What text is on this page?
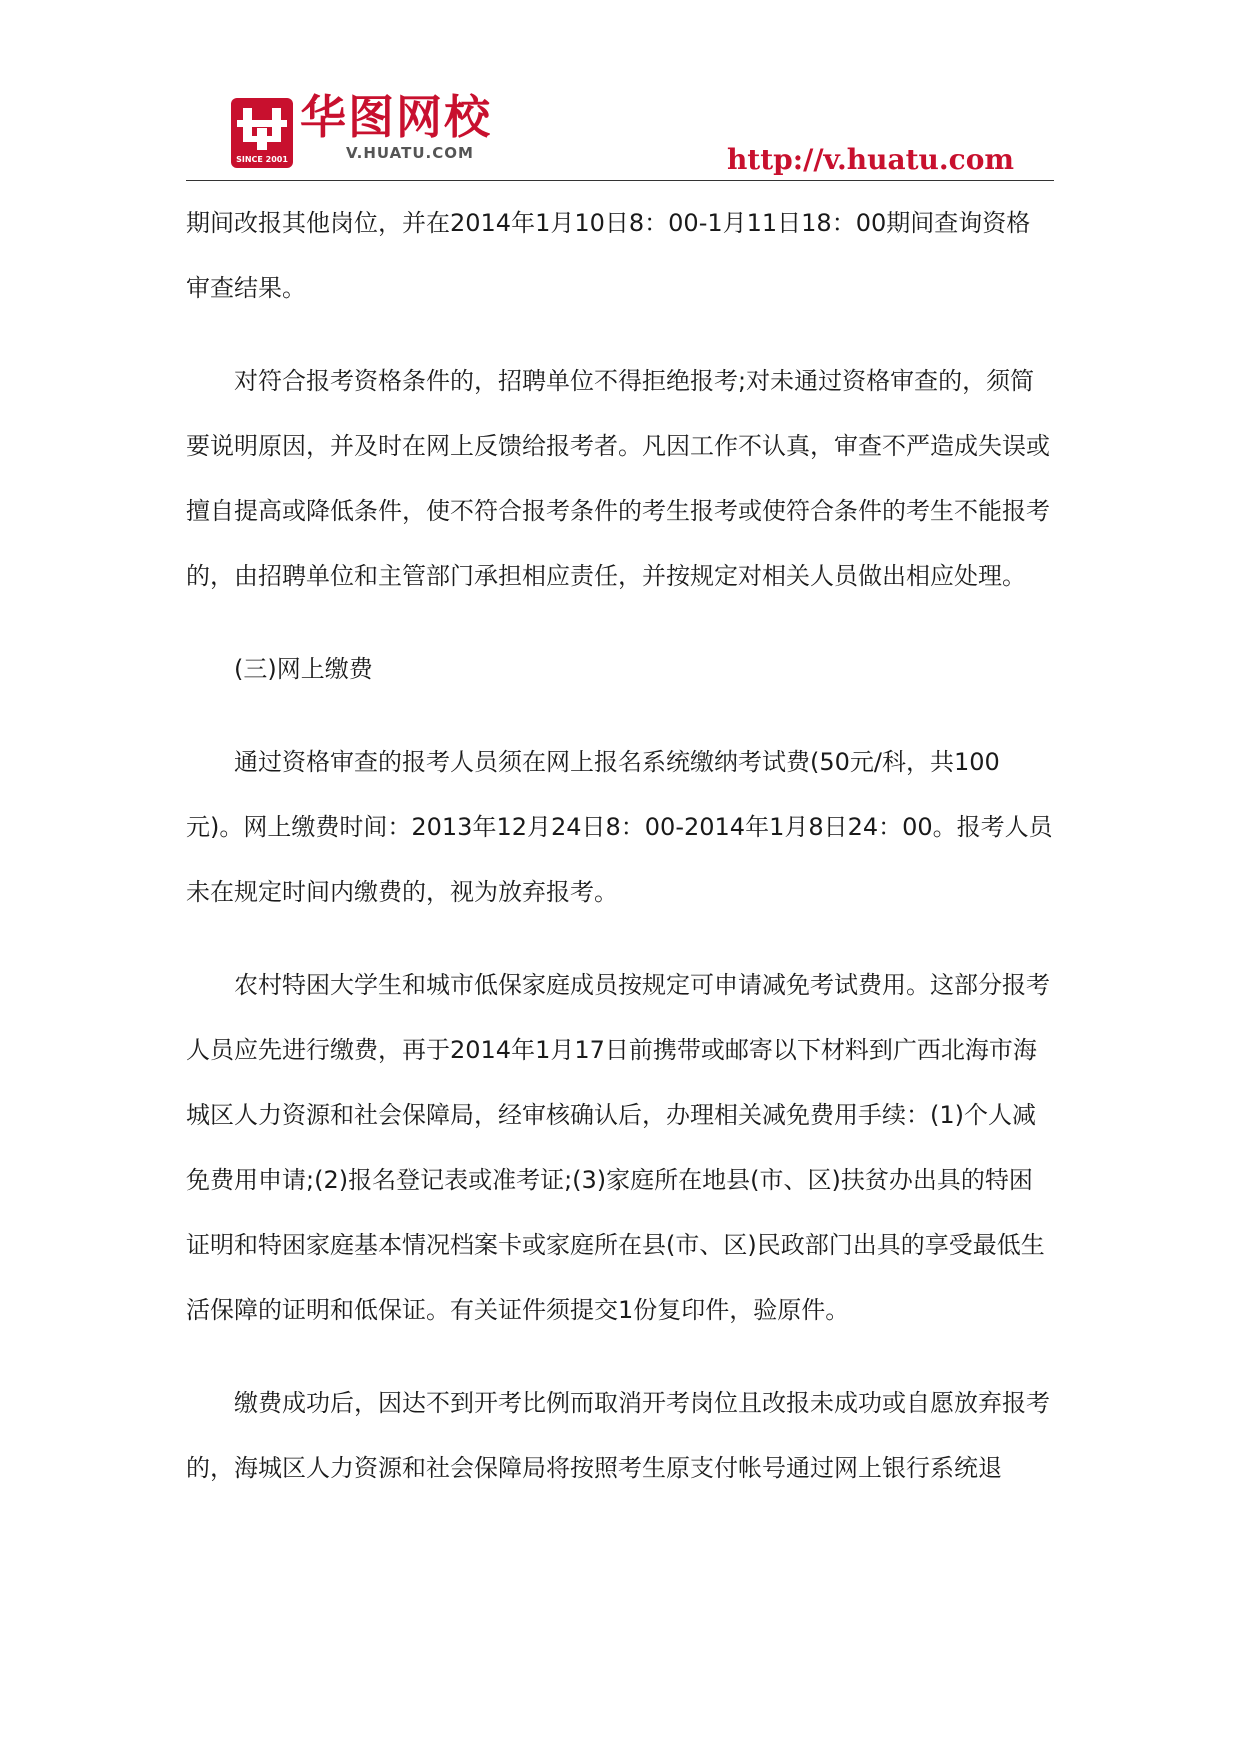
SINCE 2001
华图网校
V.HUATU.COM	http://v.huatu.com

期间改报其他岗位，并在2014年1月10日8：00-1月11日18：00期间查询资格审查结果。

对符合报考资格条件的，招聘单位不得拒绝报考;对未通过资格审查的，须简要说明原因，并及时在网上反馈给报考者。凡因工作不认真，审查不严造成失误或擅自提高或降低条件，使不符合报考条件的考生报考或使符合条件的考生不能报考的，由招聘单位和主管部门承担相应责任，并按规定对相关人员做出相应处理。

(三)网上缴费

通过资格审查的报考人员须在网上报名系统缴纳考试费(50元/科，共100元)。网上缴费时间：2013年12月24日8：00-2014年1月8日24：00。报考人员未在规定时间内缴费的，视为放弃报考。

农村特困大学生和城市低保家庭成员按规定可申请减免考试费用。这部分报考人员应先进行缴费，再于2014年1月17日前携带或邮寄以下材料到广西北海市海城区人力资源和社会保障局，经审核确认后，办理相关减免费用手续：(1)个人减免费用申请;(2)报名登记表或准考证;(3)家庭所在地县(市、区)扶贫办出具的特困证明和特困家庭基本情况档案卡或家庭所在县(市、区)民政部门出具的享受最低生活保障的证明和低保证。有关证件须提交1份复印件，验原件。

缴费成功后，因达不到开考比例而取消开考岗位且改报未成功或自愿放弃报考的，海城区人力资源和社会保障局将按照考生原支付帐号通过网上银行系统退
